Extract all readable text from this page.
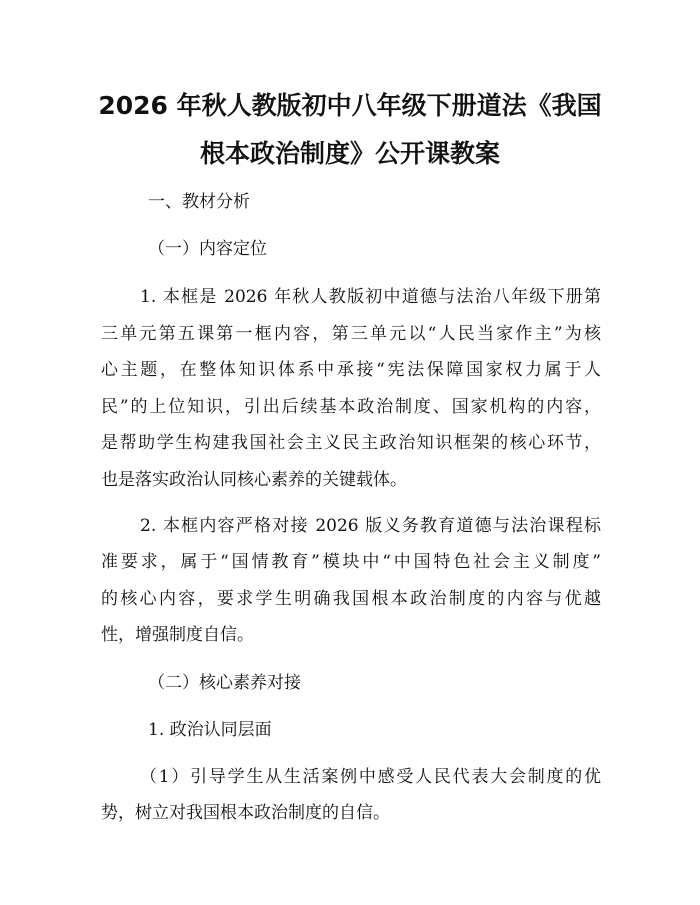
2026 年秋人教版初中八年级下册道法《我国
根本政治制度》公开课教案

一、教材分析

（一）内容定位

1. 本框是 2026 年秋人教版初中道德与法治八年级下册第

三单元第五课第一框内容，第三单元以“人民当家作主”为核

心主题，在整体知识体系中承接“宪法保障国家权力属于人

民”的上位知识，引出后续基本政治制度、国家机构的内容，

是帮助学生构建我国社会主义民主政治知识框架的核心环节，

也是落实政治认同核心素养的关键载体。

2. 本框内容严格对接 2026 版义务教育道德与法治课程标

准要求，属于“国情教育”模块中“中国特色社会主义制度”

的核心内容，要求学生明确我国根本政治制度的内容与优越

性，增强制度自信。

（二）核心素养对接

1. 政治认同层面

（1）引导学生从生活案例中感受人民代表大会制度的优

势，树立对我国根本政治制度的自信。
